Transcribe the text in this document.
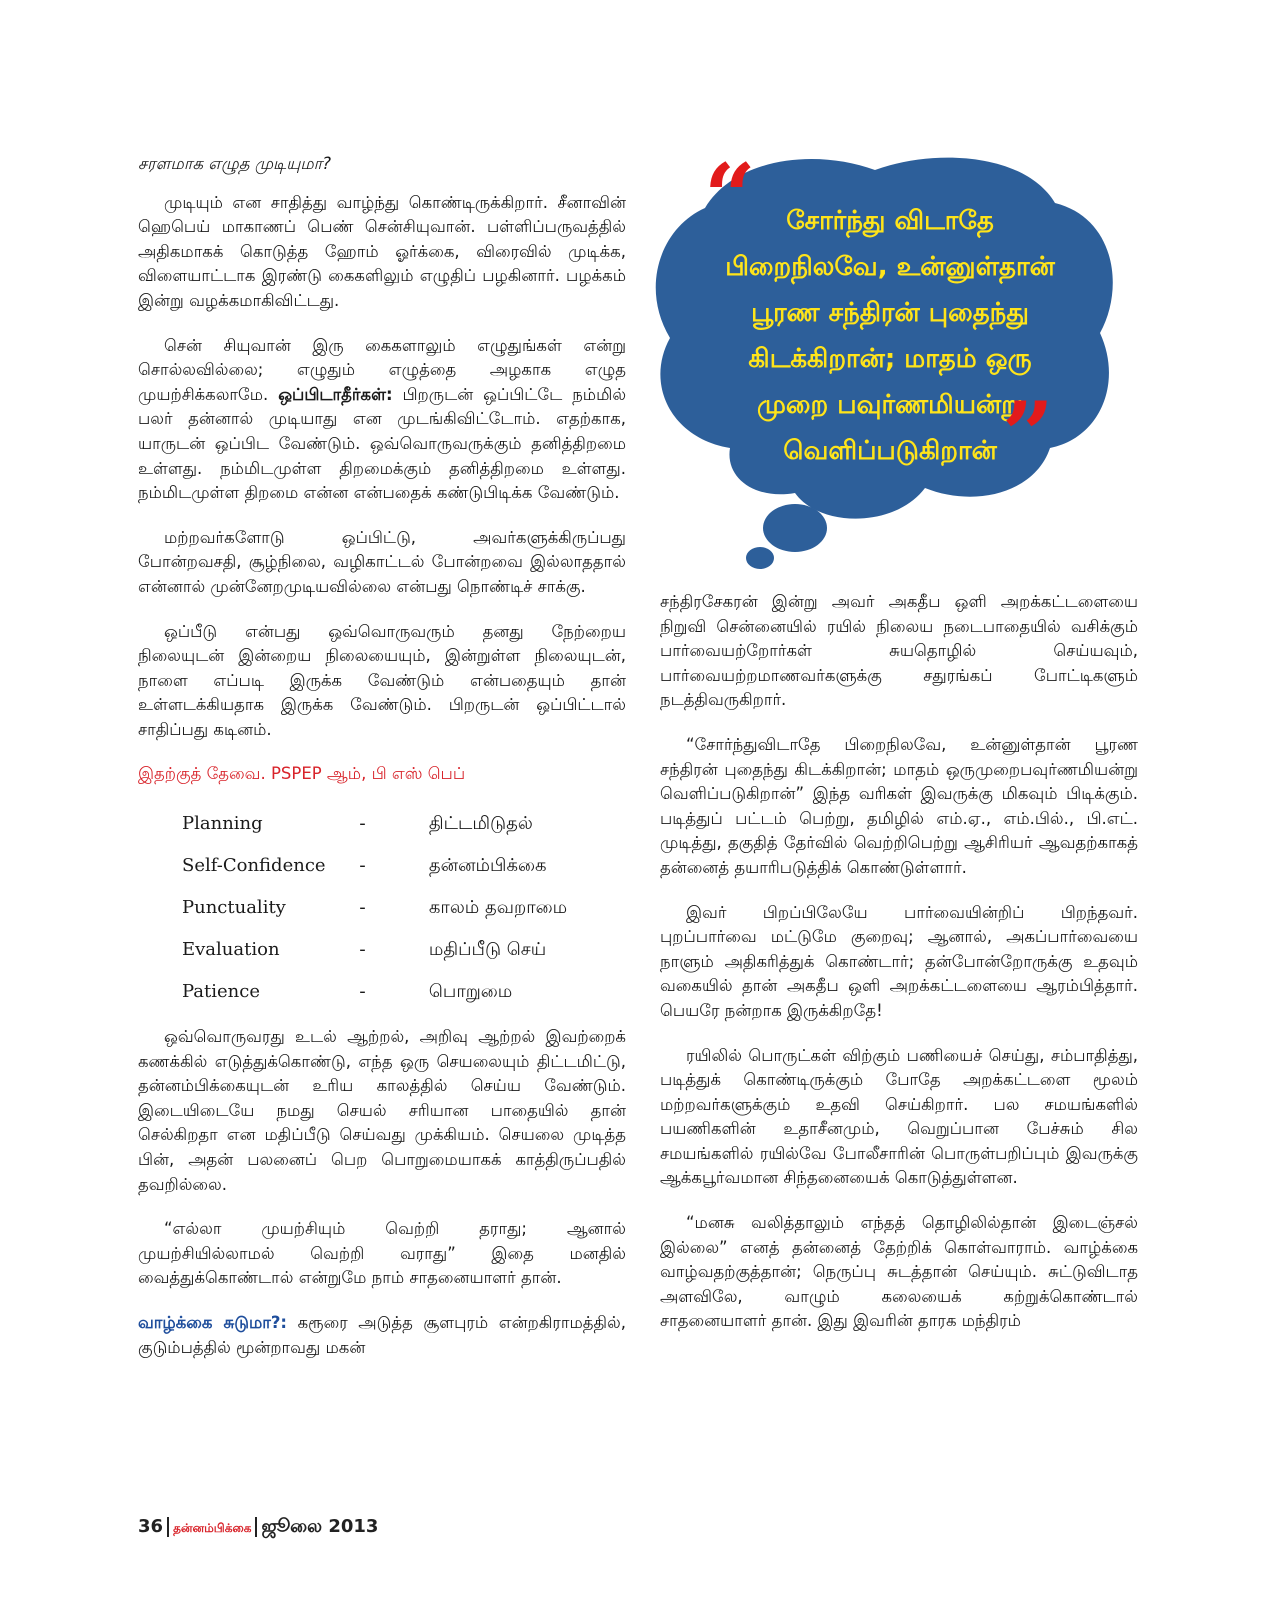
சரளமாக எழுத முடியுமா?

முடியும் என சாதித்து வாழ்ந்து கொண்டிருக்கிறார். சீனாவின் ஹெபெய் மாகாணப் பெண் சென்சியுவான். பள்ளிப்பருவத்தில் அதிகமாகக் கொடுத்த ஹோம் ஓர்க்கை, விரைவில் முடிக்க, விளையாட்டாக இரண்டு கைகளிலும் எழுதிப் பழகினார். பழக்கம் இன்று வழக்கமாகிவிட்டது.

சென் சியுவான் இரு கைகளாலும் எழுதுங்கள் என்று சொல்லவில்லை; எழுதும் எழுத்தை அழகாக எழுத முயற்சிக்கலாமே. ஒப்பிடாதீர்கள்: பிறருடன் ஒப்பிட்டே நம்மில் பலர் தன்னால் முடியாது என முடங்கிவிட்டோம். எதற்காக, யாருடன் ஒப்பிட வேண்டும். ஒவ்வொருவருக்கும் தனித்திறமை உள்ளது. நம்மிடமுள்ள திறமைக்கும் தனித்திறமை உள்ளது. நம்மிடமுள்ள திறமை என்ன என்பதைக் கண்டுபிடிக்க வேண்டும்.

மற்றவர்களோடு ஒப்பிட்டு, அவர்களுக்கிருப்பது போன்றவசதி, சூழ்நிலை, வழிகாட்டல் போன்றவை இல்லாததால் என்னால் முன்னேறமுடியவில்லை என்பது நொண்டிச் சாக்கு.

ஒப்பீடு என்பது ஒவ்வொருவரும் தனது நேற்றைய நிலையுடன் இன்றைய நிலையையும், இன்றுள்ள நிலையுடன், நாளை எப்படி இருக்க வேண்டும் என்பதையும் தான் உள்ளடக்கியதாக இருக்க வேண்டும். பிறருடன் ஒப்பிட்டால் சாதிப்பது கடினம்.

இதற்குத் தேவை. PSPEP ஆம், பி எஸ் பெப்

Planning	-	திட்டமிடுதல்
Self-Confidence	-	தன்னம்பிக்கை
Punctuality	-	காலம் தவறாமை
Evaluation	-	மதிப்பீடு செய்
Patience	-	பொறுமை

ஒவ்வொருவரது உடல் ஆற்றல், அறிவு ஆற்றல் இவற்றைக் கணக்கில் எடுத்துக்கொண்டு, எந்த ஒரு செயலையும் திட்டமிட்டு, தன்னம்பிக்கையுடன் உரிய காலத்தில் செய்ய வேண்டும். இடையிடையே நமது செயல் சரியான பாதையில் தான் செல்கிறதா என மதிப்பீடு செய்வது முக்கியம். செயலை முடித்த பின், அதன் பலனைப் பெற பொறுமையாகக் காத்திருப்பதில் தவறில்லை.

“எல்லா முயற்சியும் வெற்றி தராது; ஆனால் முயற்சியில்லாமல் வெற்றி வராது” இதை மனதில் வைத்துக்கொண்டால் என்றுமே நாம் சாதனையாளர் தான்.

வாழ்க்கை சுடுமா?: கரூரை அடுத்த சூளபுரம் என்றகிராமத்தில், குடும்பத்தில் மூன்றாவது மகன்

“	சோர்ந்து விடாதே
பிறைநிலவே, உன்னுள்தான்
பூரண சந்திரன் புதைந்து
கிடக்கிறான்; மாதம் ஒரு
முறை பவுர்ணமியன்று
வெளிப்படுகிறான் ”

சந்திரசேகரன் இன்று அவர் அகதீப ஒளி அறக்கட்டளையை நிறுவி சென்னையில் ரயில் நிலைய நடைபாதையில் வசிக்கும் பார்வையற்றோர்கள் சுயதொழில் செய்யவும், பார்வையற்றமாணவர்களுக்கு சதுரங்கப் போட்டிகளும் நடத்திவருகிறார்.

“சோர்ந்துவிடாதே பிறைநிலவே, உன்னுள்தான் பூரண சந்திரன் புதைந்து கிடக்கிறான்; மாதம் ஒருமுறைபவுர்ணமியன்று வெளிப்படுகிறான்” இந்த வரிகள் இவருக்கு மிகவும் பிடிக்கும். படித்துப் பட்டம் பெற்று, தமிழில் எம்.ஏ., எம்.பில்., பி.எட். முடித்து, தகுதித் தேர்வில் வெற்றிபெற்று ஆசிரியர் ஆவதற்காகத் தன்னைத் தயாரிபடுத்திக் கொண்டுள்ளார்.

இவர் பிறப்பிலேயே பார்வையின்றிப் பிறந்தவர். புறப்பார்வை மட்டுமே குறைவு; ஆனால், அகப்பார்வையை நாளும் அதிகரித்துக் கொண்டார்; தன்போன்றோருக்கு உதவும் வகையில் தான் அகதீப ஒளி அறக்கட்டளையை ஆரம்பித்தார். பெயரே நன்றாக இருக்கிறதே!

ரயிலில் பொருட்கள் விற்கும் பணியைச் செய்து, சம்பாதித்து, படித்துக் கொண்டிருக்கும் போதே அறக்கட்டளை மூலம் மற்றவர்களுக்கும் உதவி செய்கிறார். பல சமயங்களில் பயணிகளின் உதாசீனமும், வெறுப்பான பேச்சும் சில சமயங்களில் ரயில்வே போலீசாரின் பொருள்பறிப்பும் இவருக்கு ஆக்கபூர்வமான சிந்தனையைக் கொடுத்துள்ளன.

“மனசு வலித்தாலும் எந்தத் தொழிலில்தான் இடைஞ்சல் இல்லை” எனத் தன்னைத் தேற்றிக் கொள்வாராம். வாழ்க்கை வாழ்வதற்குத்தான்; நெருப்பு சுடத்தான் செய்யும். சுட்டுவிடாத அளவிலே, வாழும் கலையைக் கற்றுக்கொண்டால் சாதனையாளர் தான். இது இவரின் தாரக மந்திரம்

36 தன்னம்பிக்கை ஜூலை 2013
